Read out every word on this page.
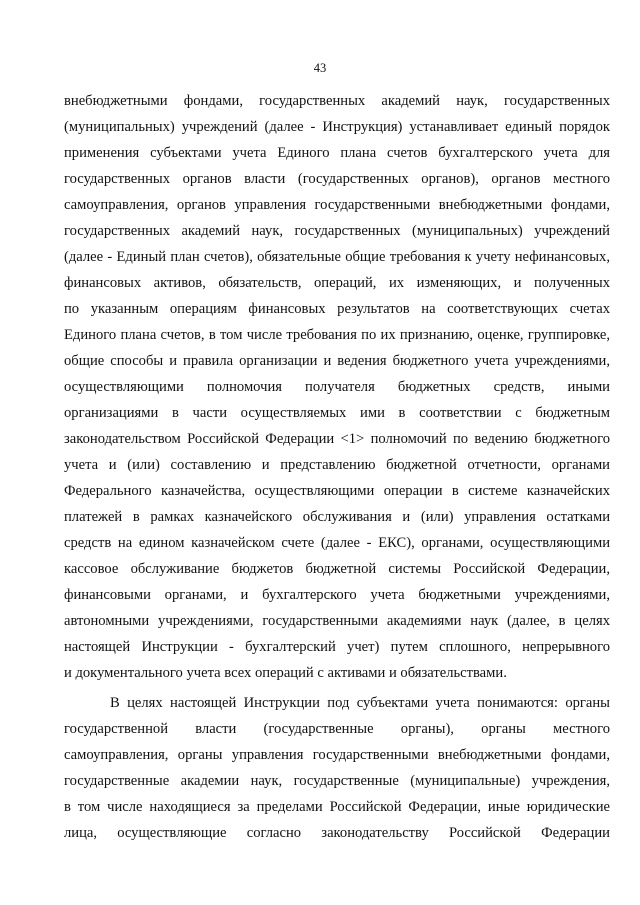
43
внебюджетными фондами, государственных академий наук, государственных
(муниципальных) учреждений (далее - Инструкция) устанавливает единый порядок
применения субъектами учета Единого плана счетов бухгалтерского учета для
государственных органов власти (государственных органов), органов местного
самоуправления, органов управления государственными внебюджетными фондами,
государственных академий наук, государственных (муниципальных) учреждений
(далее - Единый план счетов), обязательные общие требования к учету нефинансовых,
финансовых активов, обязательств, операций, их изменяющих, и полученных
по указанным операциям финансовых результатов на соответствующих счетах
Единого плана счетов, в том числе требования по их признанию, оценке, группировке,
общие способы и правила организации и ведения бюджетного учета учреждениями,
осуществляющими полномочия получателя бюджетных средств, иными
организациями в части осуществляемых ими в соответствии с бюджетным
законодательством Российской Федерации <1> полномочий по ведению бюджетного
учета и (или) составлению и представлению бюджетной отчетности, органами
Федерального казначейства, осуществляющими операции в системе казначейских
платежей в рамках казначейского обслуживания и (или) управления остатками
средств на едином казначейском счете (далее - ЕКС), органами, осуществляющими
кассовое обслуживание бюджетов бюджетной системы Российской Федерации,
финансовыми органами, и бухгалтерского учета бюджетными учреждениями,
автономными учреждениями, государственными академиями наук (далее, в целях
настоящей Инструкции - бухгалтерский учет) путем сплошного, непрерывного
и документального учета всех операций с активами и обязательствами.
В целях настоящей Инструкции под субъектами учета понимаются: органы
государственной власти (государственные органы), органы местного
самоуправления, органы управления государственными внебюджетными фондами,
государственные академии наук, государственные (муниципальные) учреждения,
в том числе находящиеся за пределами Российской Федерации, иные юридические
лица, осуществляющие согласно законодательству Российской Федерации
